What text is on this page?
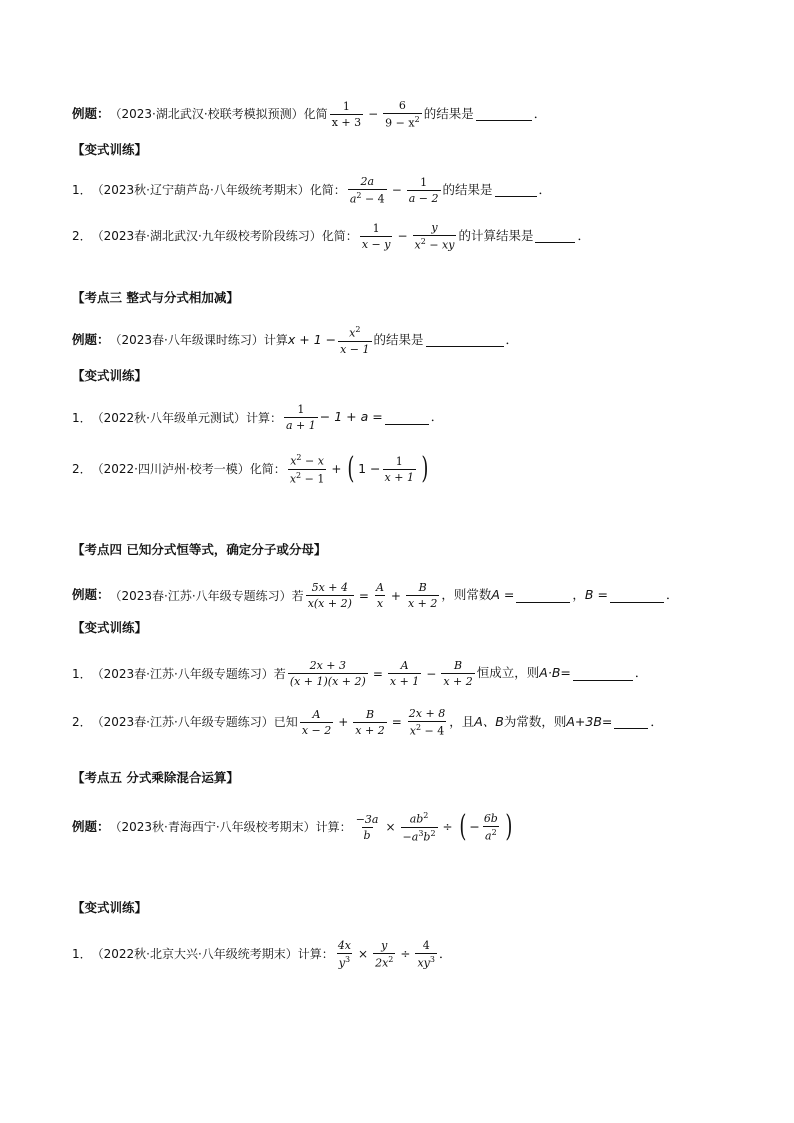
例题： （2023·湖北武汉·校联考模拟预测）化简 $\frac{1}{x + 3} - \frac{6}{9 - x^2}$ 的结果是	．
【变式训练】
1． （2023秋·辽宁葫芦岛·八年级统考期末）化简： $\frac{2a}{a^2 - 4} - \frac{1}{a - 2}$ 的结果是	．
2． （2023春·湖北武汉·九年级校考阶段练习）化简： $\frac{1}{x - y} - \frac{y}{x^2 - xy}$ 的计算结果是	．
【考点三 整式与分式相加减】
例题： （2023春·八年级课时练习）计算 $x + 1 - \frac{x^2}{x - 1}$ 的结果是	．
【变式训练】
1． （2022秋·八年级单元测试）计算： $\frac{1}{a + 1} - 1 + a$ =	．
2． （2022·四川泸州·校考一模）化简： $\frac{x^2 - x}{x^2 - 1}$ + ( $1 - \frac{1}{x + 1}$ )
【考点四 已知分式恒等式，确定分子或分母】
例题： （2023春·江苏·八年级专题练习）若 $\frac{5x + 4}{x(x + 2)} = \frac{A}{x} + \frac{B}{x + 2}$ ，则常数 A =	， B =	．
【变式训练】
1． （2023春·江苏·八年级专题练习）若 $\frac{2x + 3}{(x + 1)(x + 2)} = \frac{A}{x + 1} - \frac{B}{x + 2}$ 恒成立，则 A·B=	．
2． （2023春·江苏·八年级专题练习）已知 $\frac{A}{x - 2} + \frac{B}{x + 2} = \frac{2x + 8}{x^2 - 4}$ ，且 A、B 为常数，则 A+3B=	．
【考点五 分式乘除混合运算】
例题： （2023秋·青海西宁·八年级校考期末）计算： $\frac{-3a}{b} \times \frac{ab^2}{-a^3b^2}$ ÷ ( − $\frac{6b}{a^2}$ )
【变式训练】
1． （2022秋·北京大兴·八年级统考期末）计算： $\frac{4x}{y^3} \times \frac{y}{2x^2} \div \frac{4}{xy^3}$ ．
